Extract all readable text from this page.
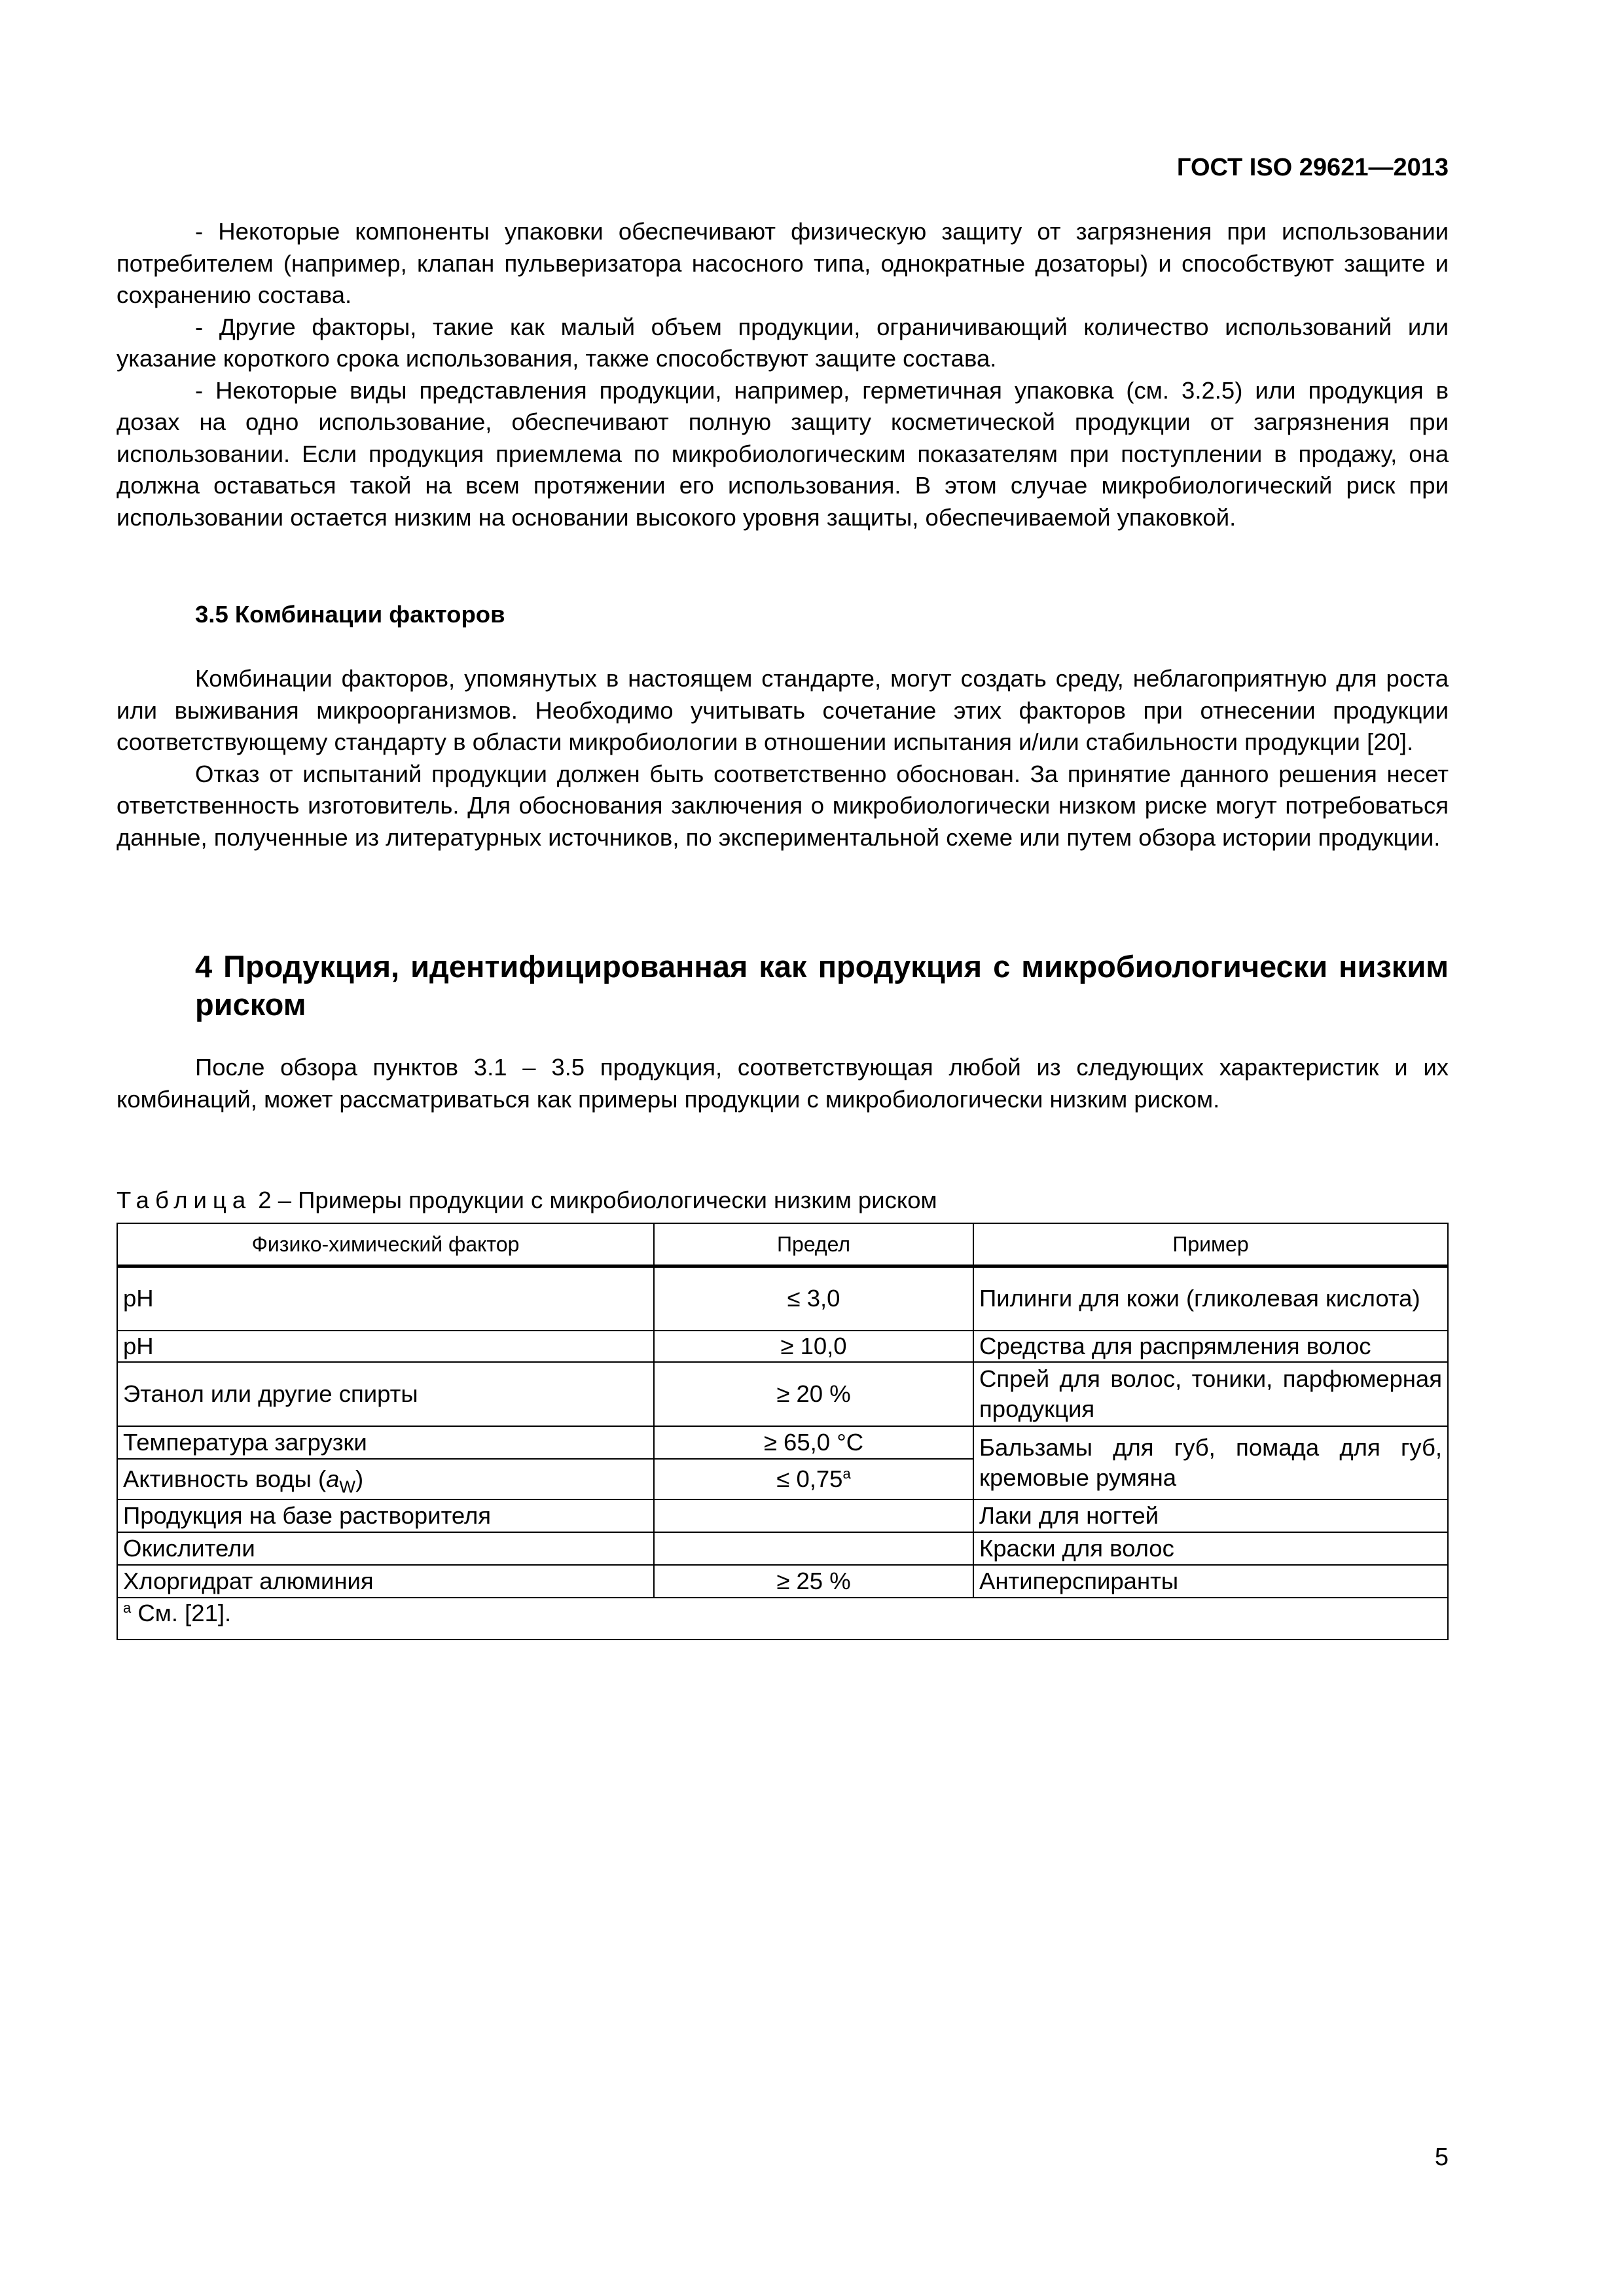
ГОСТ ISO 29621—2013

- Некоторые компоненты упаковки обеспечивают физическую защиту от загрязнения при использовании потребителем (например, клапан пульверизатора насосного типа, однократные дозаторы) и способствуют защите и сохранению состава.

- Другие факторы, такие как малый объем продукции, ограничивающий количество использований или указание короткого срока использования, также способствуют защите состава.

- Некоторые виды представления продукции, например, герметичная упаковка (см. 3.2.5) или продукция в дозах на одно использование, обеспечивают полную защиту косметической продукции от загрязнения при использовании. Если продукция приемлема по микробиологическим показателям при поступлении в продажу, она должна оставаться такой на всем протяжении его использования. В этом случае микробиологический риск при использовании остается низким на основании высокого уровня защиты, обеспечиваемой упаковкой.

3.5 Комбинации факторов

Комбинации факторов, упомянутых в настоящем стандарте, могут создать среду, неблагоприятную для роста или выживания микроорганизмов. Необходимо учитывать сочетание этих факторов при отнесении продукции соответствующему стандарту в области микробиологии в отношении испытания и/или стабильности продукции [20].

Отказ от испытаний продукции должен быть соответственно обоснован. За принятие данного решения несет ответственность изготовитель. Для обоснования заключения о микробиологически низком риске могут потребоваться данные, полученные из литературных источников, по экспериментальной схеме или путем обзора истории продукции.

4 Продукция, идентифицированная как продукция с микробиологически низким риском

После обзора пунктов 3.1 – 3.5 продукция, соответствующая любой из следующих характеристик и их комбинаций, может рассматриваться как примеры продукции с микробиологически низким риском.

Таблица 2 – Примеры продукции с микробиологически низким риском
Физико-химический фактор	Предел	Пример
pH	≤ 3,0	Пилинги для кожи (гликолевая кислота)
pH	≥ 10,0	Средства для распрямления волос
Этанол или другие спирты	≥ 20 %	Спрей для волос, тоники, парфюмерная продукция
Температура загрузки	≥ 65,0 °C	Бальзамы для губ, помада для губ, кремовые румяна
Активность воды $(a_W)$	≤ 0,75$^a$
Продукция на базе растворителя		Лаки для ногтей
Окислители		Краски для волос
Хлоргидрат алюминия	≥ 25 %	Антиперспиранты
$^a$ См. [21].		
5
